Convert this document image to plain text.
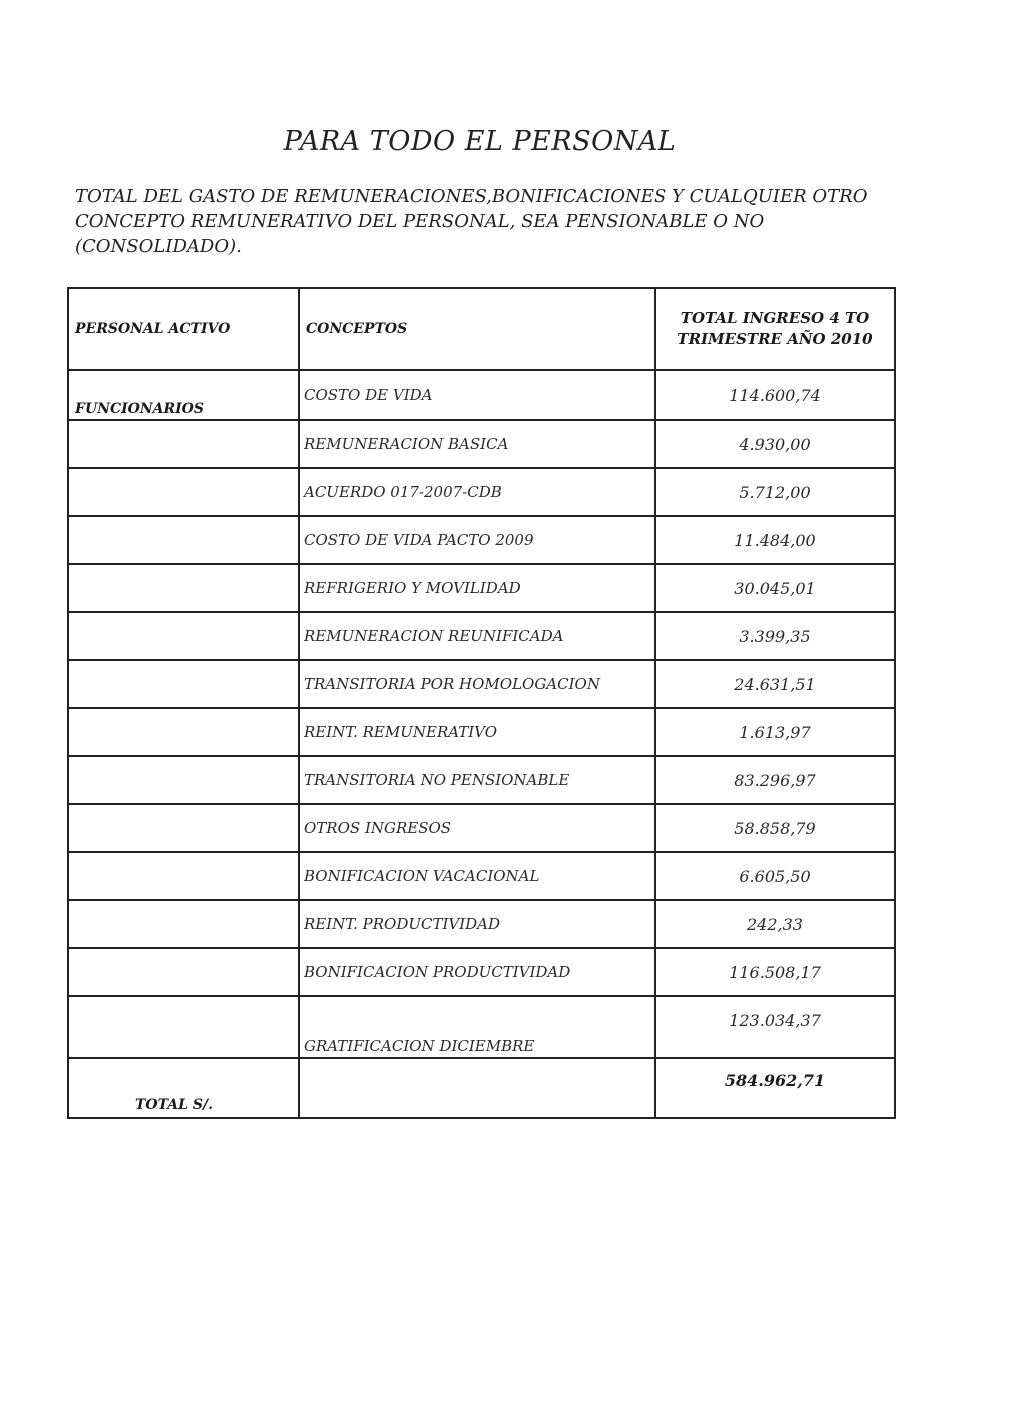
PARA TODO EL PERSONAL
TOTAL DEL GASTO DE REMUNERACIONES,BONIFICACIONES Y CUALQUIER OTRO
CONCEPTO REMUNERATIVO DEL PERSONAL, SEA PENSIONABLE O NO
(CONSOLIDADO).
PERSONAL ACTIVO	CONCEPTOS	TOTAL INGRESO 4 TO
TRIMESTRE AÑO 2010

FUNCIONARIOS	COSTO DE VIDA	114.600,74
	REMUNERACION BASICA	4.930,00
	ACUERDO 017-2007-CDB	5.712,00
	COSTO DE VIDA PACTO 2009	11.484,00
	REFRIGERIO Y MOVILIDAD	30.045,01
	REMUNERACION REUNIFICADA	3.399,35
	TRANSITORIA POR HOMOLOGACION	24.631,51
	REINT. REMUNERATIVO	1.613,97
	TRANSITORIA NO PENSIONABLE	83.296,97
	OTROS INGRESOS	58.858,79
	BONIFICACION VACACIONAL	6.605,50
	REINT. PRODUCTIVIDAD	242,33
	BONIFICACION PRODUCTIVIDAD	116.508,17
	GRATIFICACION DICIEMBRE	123.034,37
TOTAL S/.		584.962,71
